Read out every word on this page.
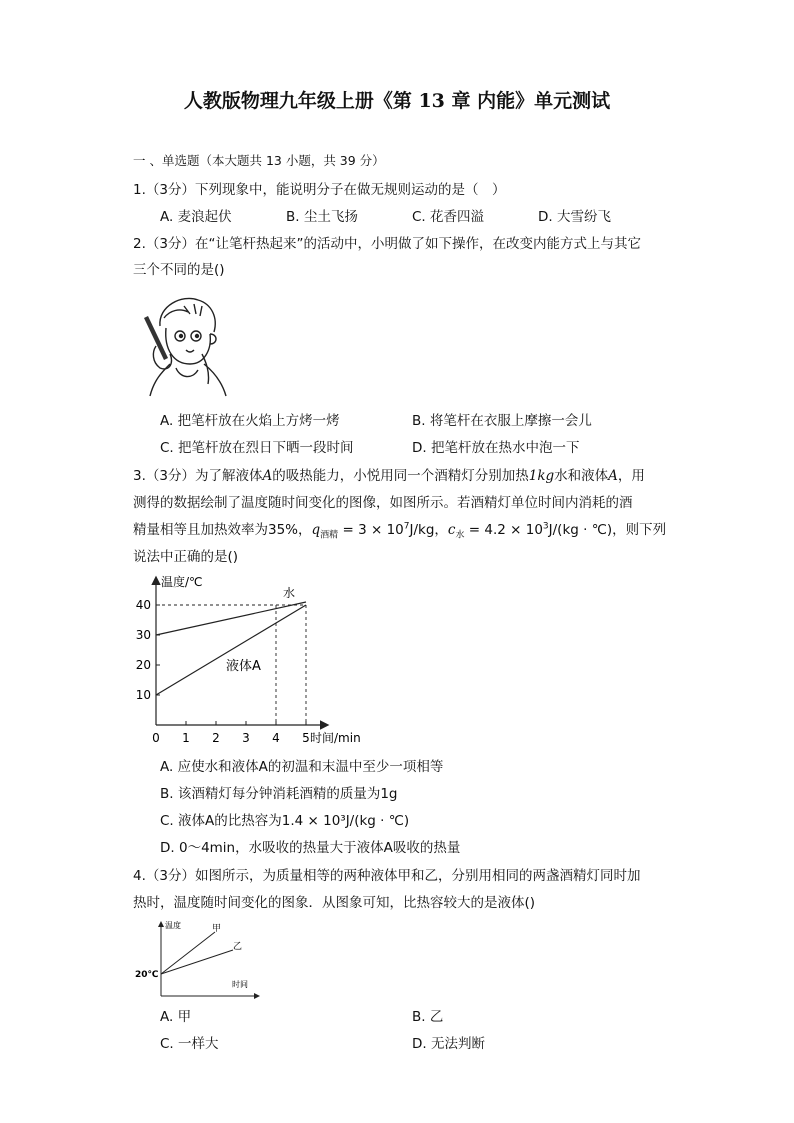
人教版物理九年级上册《第 13 章 内能》单元测试
一 、单选题（本大题共 13 小题，共 39 分）
1.（3分）下列现象中，能说明分子在做无规则运动的是（　）
A. 麦浪起伏	B. 尘土飞扬	C. 花香四溢	D. 大雪纷飞
2.（3分）在“让笔杆热起来”的活动中，小明做了如下操作，在改变内能方式上与其它
三个不同的是()
A. 把笔杆放在火焰上方烤一烤	B. 将笔杆在衣服上摩擦一会儿
C. 把笔杆放在烈日下晒一段时间	D. 把笔杆放在热水中泡一下
3.（3分）为了解液体A的吸热能力，小悦用同一个酒精灯分别加热1kg水和液体A，用
测得的数据绘制了温度随时间变化的图像，如图所示。若酒精灯单位时间内消耗的酒
精量相等且加热效率为35%，$q_{酒精} = 3 \times 10^7J/kg$，$c_水 = 4.2 \times 10^3J/(kg$ · ℃)，则下列
说法中正确的是()
0 1 2 3 4 5
10
20
30
40
温度/℃
时间/min
水
液体A
A. 应使水和液体A的初温和末温中至少一项相等
B. 该酒精灯每分钟消耗酒精的质量为1g
C. 液体A的比热容为1.4 × 10³J/(kg · ℃)
D. 0～4min，水吸收的热量大于液体A吸收的热量
4.（3分）如图所示，为质量相等的两种液体甲和乙，分别用相同的两盏酒精灯同时加
热时，温度随时间变化的图象．从图象可知，比热容较大的是液体()
温度
时间
甲
乙
20℃
A. 甲	B. 乙
C. 一样大	D. 无法判断
